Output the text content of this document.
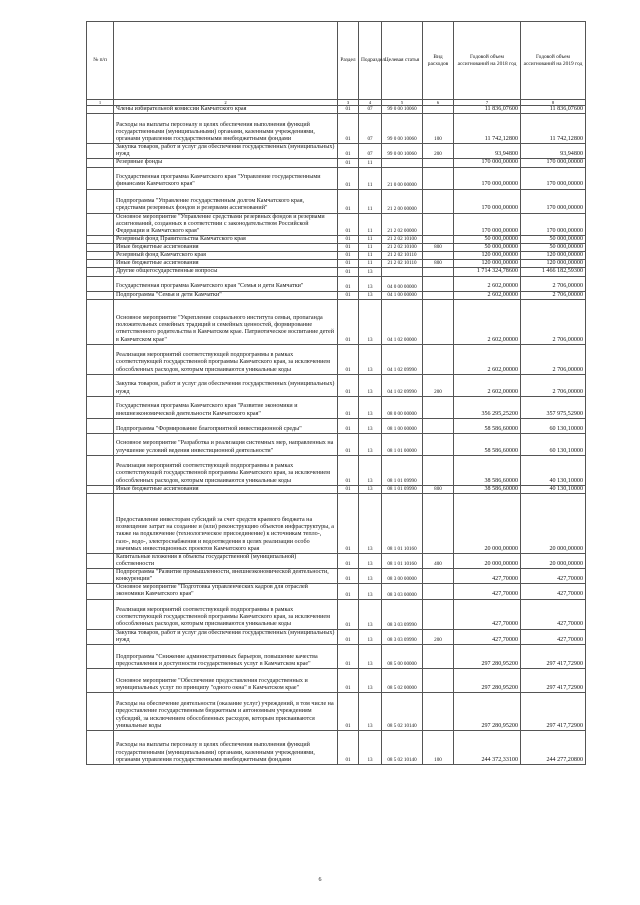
№ п/п		Раздел	Подраздел	Целевая статья	Вид расходов	Годовой объем ассигнований на 2018 год	Годовой объем ассигнований на 2019 год
1	2	3	4	5	6	7	8
	Члены избирательной комиссии Камчатского края	01	07	99 0 00 10060		11 836,07600	11 836,07600
	Расходы на выплаты персоналу в целях обеспечения выполнения функций государственными (муниципальными) органами, казенными учреждениями, органами управления государственными внебюджетными фондами	01	07	99 0 00 10060	100	11 742,12800	11 742,12800
	Закупка товаров, работ и услуг для обеспечения государственных (муниципальных) нужд	01	07	99 0 00 10060	200	93,94800	93,94800
	Резервные фонды	01	11			170 000,00000	170 000,00000
	Государственная программа Камчатского края "Управление государственными финансами Камчатского края"	01	11	21 0 00 00000		170 000,00000	170 000,00000
	Подпрограмма "Управление государственным долгом Камчатского края, средствами резервных фондов и резервами ассигнований"	01	11	21 2 00 00000		170 000,00000	170 000,00000
	Основное мероприятие "Управление средствами резервных фондов и резервами ассигнований, созданных в соответствии с законодательством Российской Федерации и Камчатского края"	01	11	21 2 02 00000		170 000,00000	170 000,00000
	Резервный фонд Правительства Камчатского края	01	11	21 2 02 10100		50 000,00000	50 000,00000
	Иные бюджетные ассигнования	01	11	21 2 02 10100	800	50 000,00000	50 000,00000
	Резервный фонд Камчатского края	01	11	21 2 02 10110		120 000,00000	120 000,00000
	Иные бюджетные ассигнования	01	11	21 2 02 10110	800	120 000,00000	120 000,00000
	Другие общегосударственные вопросы	01	13			1 714 324,78600	1 466 182,59300
	Государственная программа Камчатского края "Семья и дети Камчатки"	01	13	04 0 00 00000		2 602,00000	2 706,00000
	Подпрограмма "Семья и дети Камчатки"	01	13	04 1 00 00000		2 602,00000	2 706,00000
	Основное мероприятие "Укрепление социального института семьи, пропаганда положительных семейных традиций и семейных ценностей, формирование ответственного родительства в Камчатском крае. Патриотическое воспитание детей в Камчатском крае"	01	13	04 1 02 00000		2 602,00000	2 706,00000
	Реализация мероприятий соответствующей подпрограммы в рамках соответствующей государственной программы Камчатского края, за исключением обособленных расходов, которым присваиваются уникальные коды	01	13	04 1 02 09990		2 602,00000	2 706,00000
	Закупка товаров, работ и услуг для обеспечения государственных (муниципальных) нужд	01	13	04 1 02 09990	200	2 602,00000	2 706,00000
	Государственная программа Камчатского края "Развитие экономики и внешнеэкономической деятельности Камчатского края"	01	13	08 0 00 00000		356 295,25200	357 975,52900
	Подпрограмма "Формирование благоприятной инвестиционной среды"	01	13	08 1 00 00000		58 586,60000	60 130,10000
	Основное мероприятие "Разработка и реализация системных мер, направленных на улучшение условий ведения инвестиционной деятельности"	01	13	08 1 01 00000		58 586,60000	60 130,10000
	Реализация мероприятий соответствующей подпрограммы в рамках соответствующей государственной программы Камчатского края, за исключением обособленных расходов, которым присваиваются уникальные коды	01	13	08 1 01 09990		38 586,60000	40 130,10000
	Иные бюджетные ассигнования	01	13	08 1 01 09990	800	38 586,60000	40 130,10000
	Предоставление инвесторам субсидий за счет средств краевого бюджета на возмещение затрат на создание и (или) реконструкцию объектов инфраструктуры, а также на подключение (технологическое присоединение) к источникам тепло-, газо-, водо-, электроснабжения и водоотведения в целях реализации особо значимых инвестиционных проектов Камчатского края	01	13	08 1 01 10160		20 000,00000	20 000,00000
	Капитальные вложения в объекты государственной (муниципальной) собственности	01	13	08 1 01 10160	400	20 000,00000	20 000,00000
	Подпрограмма "Развитие промышленности, внешнеэкономической деятельности, конкуренции"	01	13	08 3 00 00000		427,70000	427,70000
	Основное мероприятие "Подготовка управленческих кадров для отраслей экономики Камчатского края"	01	13	08 3 03 00000		427,70000	427,70000
	Реализация мероприятий соответствующей подпрограммы в рамках соответствующей государственной программы Камчатского края, за исключением обособленных расходов, которым присваиваются уникальные коды	01	13	08 3 03 09990		427,70000	427,70000
	Закупка товаров, работ и услуг для обеспечения государственных (муниципальных) нужд	01	13	08 3 03 09990	200	427,70000	427,70000
	Подпрограмма "Снижение административных барьеров, повышение качества предоставления и доступности государственных услуг в Камчатском крае"	01	13	08 5 00 00000		297 280,95200	297 417,72900
	Основное мероприятие "Обеспечение предоставления государственных и муниципальных услуг по принципу "одного окна" в Камчатском крае"	01	13	08 5 02 00000		297 280,95200	297 417,72900
	Расходы на обеспечение деятельности (оказание услуг) учреждений, в том числе на предоставление государственным бюджетным и автономным учреждениям субсидий, за исключением обособленных расходов, которым присваиваются уникальные коды	01	13	08 5 02 10140		297 280,95200	297 417,72900
	Расходы на выплаты персоналу в целях обеспечения выполнения функций государственными (муниципальными) органами, казенными учреждениями, органами управления государственными внебюджетными фондами	01	13	08 5 02 10140	100	244 372,33100	244 277,20800
6
